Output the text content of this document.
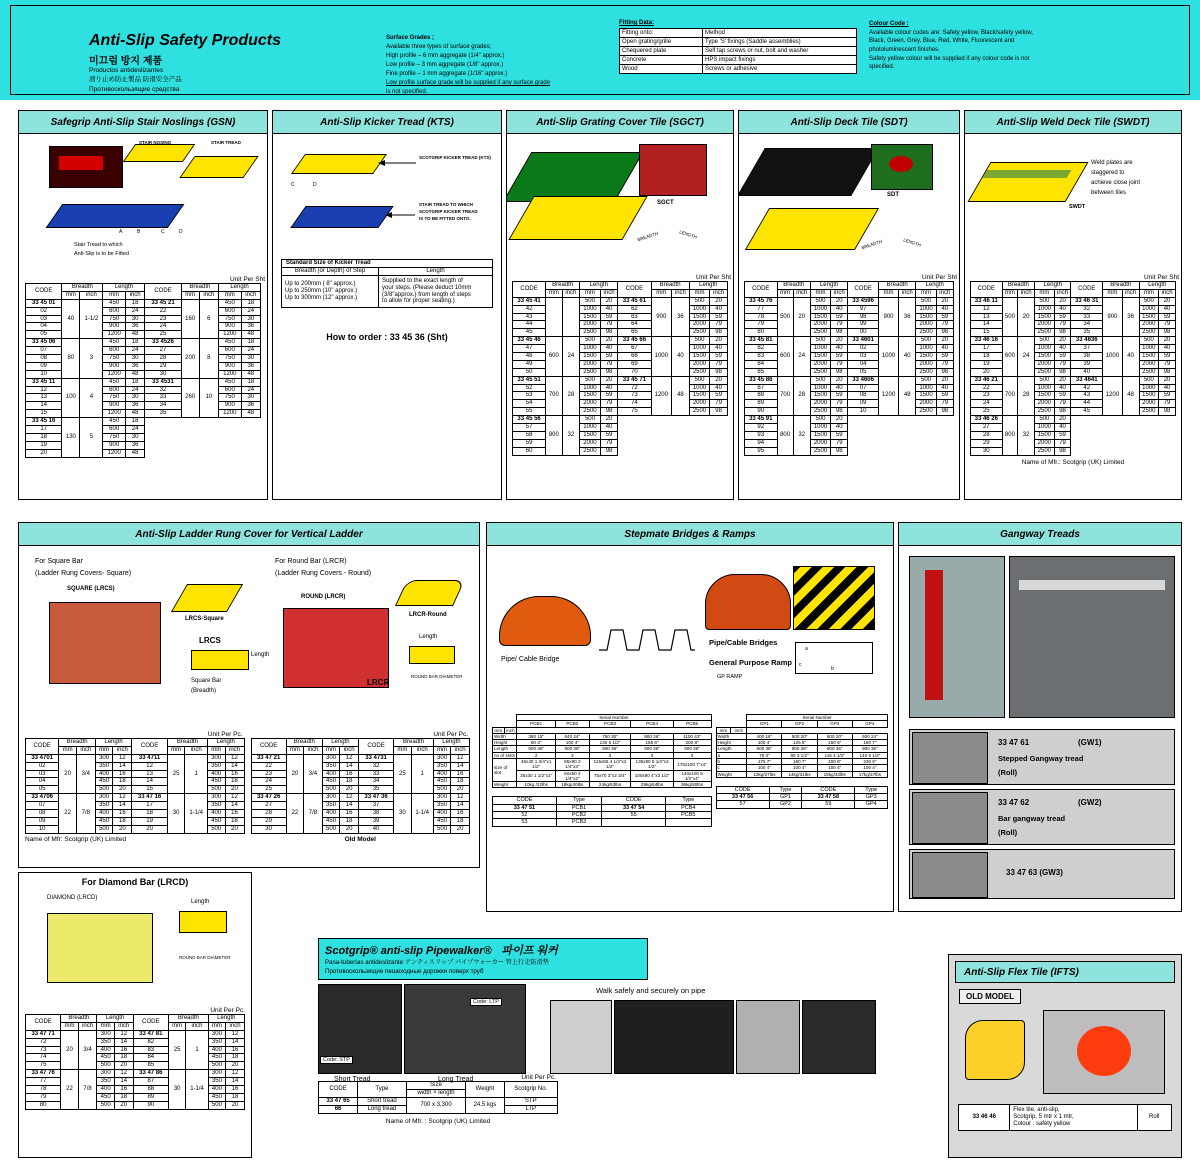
Anti-Slip Safety Products
미끄럼 방지 제품
Productos antideslizantes
滑り止め防止製品 防滑安全产品
Противоскользящие средства
Surface Grades ;
Available three types of surface grades;
High profile – 6 mm aggregate (1/4" approx.)
Low profile – 3 mm aggregate (1/8" approx.)
Fine profile – 1 mm aggregate (1/16" approx.)
Low profile surface grade will be supplied if any surface grade
is not specified.
Fitting Data:
Fitting onto:	Method
Open grating/grille	Type 'S' fixings (Saddle assemblies)
Chequered plate	Self tap screws or nut, bolt and washer
Concrete	HPS impact fixings
Wood	Screws or adhesive
Colour Code :
Available colour codes are: Safety yellow, Black/safety yellow,
Black, Green, Grey, Blue, Red, White, Fluorescent and
photoluminescent finishes.
Safety yellow colour will be supplied if any colour code is not
specified.
Safegrip Anti-Slip Stair Noslings (GSN)
STAIR NOSING	STAIR TREAD
A	B	C	D
Stair Tread to which
Anti-Slip is to be Fitted
Unit Per Sht
CODE	Breadth		Length		CODE	Breadth		Length	
	mm	inch	mm	inch		mm	inch	mm	inch
33 45 01	40	1-1/2	450	18	33 45 21	160	6	450	18
02			600	24	22			600	24
03			750	30	23			750	30
04			900	36	24			900	36
05			1200	48	25			1200	48
33 45 06	80	3	450	18	33 4526	200	8	450	18
07			600	24	27			600	24
08			750	30	28			750	30
09			900	36	29			900	36
10			1200	48	30			1200	48
33 45 11	100	4	450	18	33 4531	260	10	450	18
12			600	24	32			600	24
13			750	30	33			750	30
14			900	36	34			900	36
15			1200	48	35			1200	48
33 45 16	130	5	450	18					
17			600	24					
18			750	30					
19			900	36					
20			1200	48					
Anti-Slip Kicker Tread (KTS)
SCOTGRIP KICKER TREAD (KTS)
STAIR TREAD TO WHICH
SCOTGRIP KICKER TREAD
IS TO BE FITTED ONTO.
C	D
Standard Size of Kicker Tread	
Breadth (or Depth) of Step	Length

Up to 200mm ( 8" approx.)
Up to 250mm (10" approx.)
Up to 300mm (12" approx.)

Supplied to the exact length of
your steps. (Please deduct 10mm
(3/8"approx.) from length of steps
to allow for proper seating.)
How to order : 33 45 36 (Sht)
Anti-Slip Grating Cover Tile (SGCT)
SGCT
BREADTH	LENGTH
Unit Per Sht
CODE	Breadth		Length		CODE	Breadth		Length	
	mm	inch	mm	inch		mm	inch	mm	inch
33 45 41			500	20	33 45 61	900	36	500	20
42			1000	40	62			1000	40
43			1500	59	63			1500	59
44			2000	79	64			2000	79
45			2500	98	65			2500	98
33 45 46	600	24	500	20	33 45 66	1000	40	500	20
47			1000	40	67			1000	40
48			1500	59	68			1500	59
49			2000	79	69			2000	79
50			2500	98	70			2500	98
33 45 51	700	28	500	20	33 45 71	1200	48	500	20
52			1000	40	72			1000	40
53			1500	59	73			1500	59
54			2000	79	74			2000	79
55			2500	98	75			2500	98
33 45 56	800	32	500	20					
57			1000	40					
58			1500	59					
59			2000	79					
60			2500	98					
Anti-Slip Deck Tile (SDT)
SDT
BREADTH	LENGTH
Unit Per Sht
CODE	Breadth		Length		CODE	Breadth		Length	
	mm	inch	mm	inch		mm	inch	mm	inch
33 45 76	500	20	500	20	33 4596	900	36	500	20
77			1000	40	97			1000	40
78			1500	59	98			1500	59
79			2000	79	99			2000	79
80			2500	98	00			2500	98
33 45 81	600	24	500	20	33 4601	1000	40	500	20
82			1000	40	02			1000	40
83			1500	59	03			1500	59
84			2000	79	04			2000	79
85			2500	98	05			2500	98
33 45 86	700	28	500	20	33 4606	1200	48	500	20
87			1000	40	07			1000	40
88			1500	59	08			1500	59
89			2000	79	09			2000	79
90			2500	98	10			2500	98
33 45 91	800	32	500	20					
92			1000	40					
93			1500	59					
94			2000	79					
95			2500	98					
Anti-Slip Weld Deck Tile (SWDT)
SWDT
Weld plates are
staggered to
achieve close joint
between tiles
Unit Per Sht
CODE	Breadth		Length		CODE	Breadth		Length	
	mm	inch	mm	inch		mm	inch	mm	inch
33 46 11	500	20	500	20	33 46 31	900	36	500	20
12			1000	40	32			1000	40
13			1500	59	33			1500	59
14			2000	79	34			2000	79
15			2500	98	35			2500	98
33 46 16	600	24	500	20	33 4636	1000	40	500	20
17			1000	40	37			1000	40
18			1500	59	38			1500	59
19			2000	79	39			2000	79
20			2500	98	40			2500	98
33 46 21	700	28	500	20	33 4641	1200	48	500	20
22			1000	40	42			1000	40
23			1500	59	43			1500	59
24			2000	79	44			2000	79
25			2500	98	45			2500	98
33 46 26	800	32	500	20					
27			1000	40					
28			1500	59					
29			2000	79					
30			2500	98					
Name of Mfr.: Scotgrip (UK) Limited
Anti-Slip Ladder Rung Cover for Vertical Ladder
For Square Bar
(Ladder Rung Covers- Square)
SQUARE (LRCS)
LRCS-Square
LRCS
Length
Square Bar
(Breadth)
For Round Bar (LRCR)
(Ladder Rung Covers - Round)
ROUND (LRCR)
LRCR-Round
LRCR
Length
ROUND BAR DIAMETER
Unit Per Pc.
CODE	Breadth		Length		CODE	Breadth		Length	
	mm	inch	mm	inch		mm	inch	mm	inch
33 4701	20	3/4	300	12	33 4711	25	1	300	12
02			350	14	12			350	14
03			400	16	13			400	16
04			450	18	14			450	18
05			500	20	15			500	20
33 4706	22	7/8	300	12	33 47 16	30	1-1/4	300	12
07			350	14	17			350	14
08			400	16	18			400	16
09			450	18	19			450	18
10			500	20	20			500	20
Name of Mfr: Scotgrip (UK) Limited
Unit Per Pc.
CODE	Breadth		Length		CODE	Breadth		Length	
	mm	inch	mm	inch		mm	inch	mm	inch
33 47 21	20	3/4	300	12	33 4731	25	1	300	12
22			350	14	32			350	14
23			400	16	33			400	16
24			450	18	34			450	18
25			500	20	35			500	20
33 47 26	22	7/8	300	12	33 47 36	30	1-1/4	300	12
27			350	14	37			350	14
28			400	16	38			400	16
29			450	18	39			450	18
30			500	20	40			500	20
Old Model
For Diamond Bar (LRCD)
DIAMOND (LRCD)
Length
ROUND BAR DIAMETER
Unit Per Pc.
CODE	Breadth		Length		CODE	Breadth		Length	
	mm	inch	mm	inch		mm	inch	mm	inch
33 47 71	20	3/4	300	12	33 47 81	25	1	300	12
72			350	14	82			350	14
73			400	16	83			400	16
74			450	18	84			450	18
75			500	20	85			500	20
33 47 76	22	7/8	300	12	33 47 86	30	1-1/4	300	12
77			350	14	87			350	14
78			400	16	88			400	16
79			450	18	89			450	18
80			500	20	90			500	20
Stepmate Bridges & Ramps
Pipe/ Cable Bridge
Pipe/Cable Bridges
General Purpose Ramp
GP RAMP
a
b
c
		Serial Number				
		PCB1	PCB2	PCB3	PCB4	PCB5
mm	inch					
Width		380 15"	640 24"	750 30"	900 36"	1100 43"
Height		80 3"	100 4"	140 5 1/2"	155 6"	200 8"
Length		900 36"	900 36"	900 36"	900 36"	900 36"
no of slots		2	3	3	3	3
size of slot		45x40 1 3/4"x1 1/2"	85x80 3 1/4"x3"	115x65 4 1/2"x2 1/2"	135x90 5 1/4"x3 1/2"	175x100 7"x4"
		35x30 1 1/2"x1"	60x50 2 1/4"x2"	75x70 3"x2 3/4"	100x90 4"x3 1/2"	140x100 5 1/2"x4"
Weight		10kg /22lbs	18kg/40lbs	24kg/53lbs	29kg/64lbs	36kg/80lbs
CODE	Type	CODE	Type
33 47 51	PCB1	33 47 54	PCB4
52	PCB2	55	PCB5
53	PCB3		
		Serial Number			
		GP1	GP2	GP3	GP4
mm	inch				
Width		400 16"	500 20"	500 20"	600 24"
Height		100 4"	125 5"	150 6"	180 7"
Length		900 36"	900 36"	900 36"	900 36"
a		75 3"	90 3 1/2"	115 4 1/2"	140 5 1/2"
b		175 7"	180 7"	200 8"	230 9"
c		100 4"	100 4"	100 4"	100 4"
Weight		12kg/27lbs	14kg/31lbs	15kg/33lbs	17kg/37lbs
CODE	Type	CODE	Type
33 47 56	GP1	33 47 58	GP3
57	GP2	59	GP4
Gangway Treads
33 47 61	(GW1)
Stepped Gangway tread
(Roll)
33 47 62	(GW2)
Bar gangway tread
(Roll)
33 47 63 (GW3)
Scotgrip® anti-slip Pipewalker® 파이프 워커
Pasa-tuberías antideslizante アンティスリップ パイプウォーカー 管上行走防滑垫
Противоскользящие пешеходные дорожки поверх труб
Code: STP
Code: LTP
Short Tread	Long Tread
Walk safely and securely on pipe
Unit Per Pc.
CODE	Type	Size	Weight	Scotgrip No.
		width × length		
33 47 65	Short tread	700 x 3,300	24.5 kgs	STP
66	Long tread			LTP
Name of Mfr. : Scotgrip (UK) Limited
Anti-Slip Flex Tile (IFTS)
OLD MODEL
33 46 46	
Flex tile, anti-slip,
Scotgrip, 5 mtr x 1 mtr,
Colour : safety yellow
	Roll
